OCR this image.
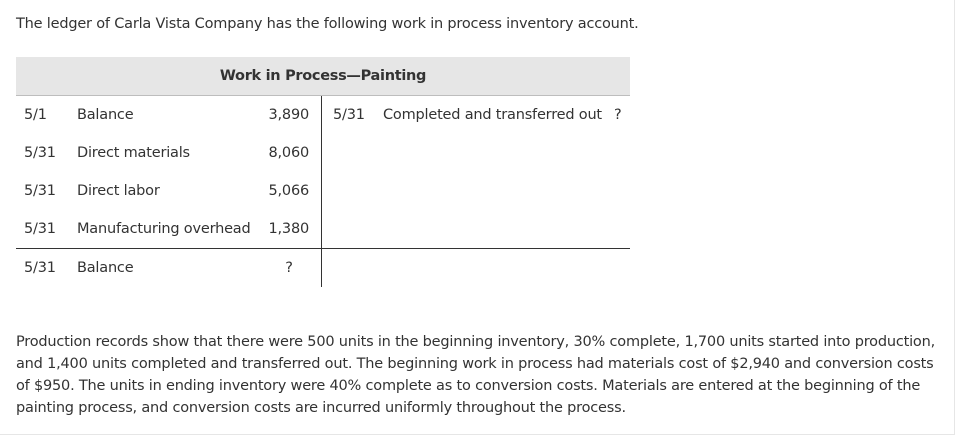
The ledger of Carla Vista Company has the following work in process inventory account.
Work in Process—Painting
5/1 Balance	3,890 5/31 Completed and transferred out ?
5/31 Direct materials	8,060
5/31 Direct labor	5,066
5/31 Manufacturing overhead	1,380
5/31 Balance	?
Production records show that there were 500 units in the beginning inventory, 30% complete, 1,700 units started into production, and 1,400 units completed and transferred out. The beginning work in process had materials cost of $2,940 and conversion costs of $950. The units in ending inventory were 40% complete as to conversion costs. Materials are entered at the beginning of the painting process, and conversion costs are incurred uniformly throughout the process.
